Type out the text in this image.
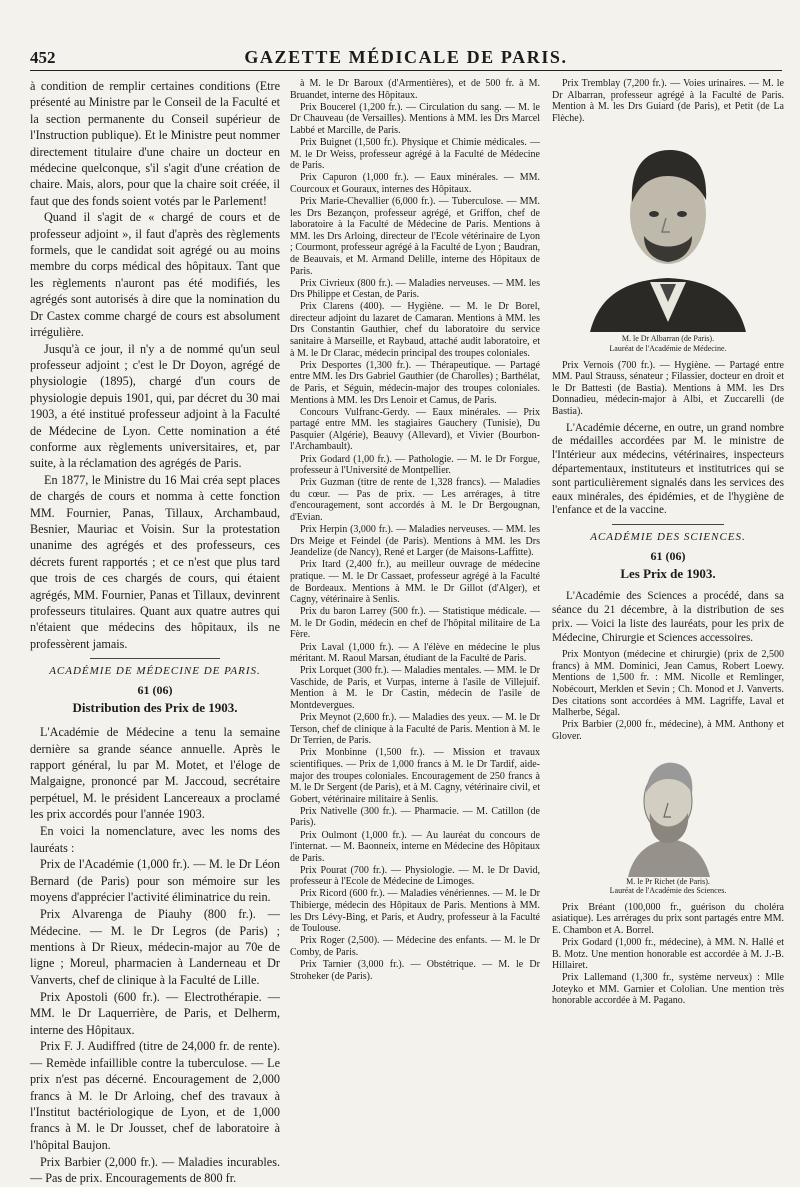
452	GAZETTE MÉDICALE DE PARIS.

à condition de remplir certaines conditions (Etre présenté au Ministre par le Conseil de la Faculté et la section permanente du Conseil supérieur de l'Instruction publique). Et le Ministre peut nommer directement titulaire d'une chaire un docteur en médecine quelconque, s'il s'agit d'une création de chaire. Mais, alors, pour que la chaire soit créée, il faut que des fonds soient votés par le Parlement!

Quand il s'agit de « chargé de cours et de professeur adjoint », il faut d'après des règlements formels, que le candidat soit agrégé ou au moins membre du corps médical des hôpitaux. Tant que les règlements n'auront pas été modifiés, les agrégés sont autorisés à dire que la nomination du Dr Castex comme chargé de cours est absolument irrégulière.

Jusqu'à ce jour, il n'y a de nommé qu'un seul professeur adjoint ; c'est le Dr Doyon, agrégé de physiologie (1895), chargé d'un cours de physiologie depuis 1901, qui, par décret du 30 mai 1903, a été institué professeur adjoint à la Faculté de Médecine de Lyon. Cette nomination a été conforme aux règlements universitaires, et, par suite, à la réclamation des agrégés de Paris.

En 1877, le Ministre du 16 Mai créa sept places de chargés de cours et nomma à cette fonction MM. Fournier, Panas, Tillaux, Archambaud, Besnier, Mauriac et Voisin. Sur la protestation unanime des agrégés et des professeurs, ces décrets furent rapportés ; et ce n'est que plus tard que trois de ces chargés de cours, qui étaient agrégés, MM. Fournier, Panas et Tillaux, devinrent professeurs titulaires. Quant aux quatre autres qui n'étaient que médecins des hôpitaux, ils ne professèrent jamais.

ACADÉMIE DE MÉDECINE DE PARIS.
61 (06)
Distribution des Prix de 1903.

L'Académie de Médecine a tenu la semaine dernière sa grande séance annuelle. Après le rapport général, lu par M. Motet, et l'éloge de Malgaigne, prononcé par M. Jaccoud, secrétaire perpétuel, M. le président Lancereaux a proclamé les prix accordés pour l'année 1903.

En voici la nomenclature, avec les noms des lauréats :

Prix de l'Académie (1,000 fr.). — M. le Dr Léon Bernard (de Paris) pour son mémoire sur les moyens d'apprécier l'activité éliminatrice du rein.

Prix Alvarenga de Piauhy (800 fr.). — Médecine. — M. le Dr Legros (de Paris) ; mentions à Dr Rieux, médecin-major au 70e de ligne ; Moreul, pharmacien à Landerneau et Dr Vanverts, chef de clinique à la Faculté de Lille.

Prix Apostoli (600 fr.). — Electrothérapie. — MM. le Dr Laquerrière, de Paris, et Delherm, interne des Hôpitaux.

Prix F. J. Audiffred (titre de 24,000 fr. de rente). — Remède infaillible contre la tuberculose. — Le prix n'est pas décerné. Encouragement de 2,000 francs à M. le Dr Arloing, chef des travaux à l'Institut bactériologique de Lyon, et de 1,000 francs à M. le Dr Jousset, chef de laboratoire à l'hôpital Baujon.

Prix Barbier (2,000 fr.). — Maladies incurables. — Pas de prix. Encouragements de 800 fr.

à M. le Dr Baroux (d'Armentières), et de 500 fr. à M. Bruandet, interne des Hôpitaux.

Prix Boucerel (1,200 fr.). — Circulation du sang. — M. le Dr Chauveau (de Versailles). Mentions à MM. les Drs Marcel Labbé et Marcille, de Paris.

Prix Buignet (1,500 fr.). Physique et Chimie médicales. — M. le Dr Weiss, professeur agrégé à la Faculté de Médecine de Paris.

Prix Capuron (1,000 fr.). — Eaux minérales. — MM. Courcoux et Gouraux, internes des Hôpitaux.

Prix Marie-Chevallier (6,000 fr.). — Tuberculose. — MM. les Drs Bezançon, professeur agrégé, et Griffon, chef de laboratoire à la Faculté de Médecine de Paris. Mentions à MM. les Drs Arloing, directeur de l'Ecole vétérinaire de Lyon ; Courmont, professeur agrégé à la Faculté de Lyon ; Baudran, de Beauvais, et M. Armand Delille, interne des Hôpitaux de Paris.

Prix Civrieux (800 fr.). — Maladies nerveuses. — MM. les Drs Philippe et Cestan, de Paris.

Prix Clarens (400). — Hygiène. — M. le Dr Borel, directeur adjoint du lazaret de Camaran. Mentions à MM. les Drs Constantin Gauthier, chef du laboratoire du service sanitaire à Marseille, et Raybaud, attaché audit laboratoire, et à M. le Dr Clarac, médecin principal des troupes coloniales.

Prix Desportes (1,300 fr.). — Thérapeutique. — Partagé entre MM. les Drs Gabriel Gauthier (de Charolles) ; Barthélat, de Paris, et Séguin, médecin-major des troupes coloniales. Mentions à MM. les Drs Lenoir et Camus, de Paris.

Concours Vulfranc-Gerdy. — Eaux minérales. — Prix partagé entre MM. les stagiaires Gauchery (Tunisie), Du Pasquier (Algérie), Beauvy (Allevard), et Vivier (Bourbon-l'Archambault).

Prix Godard (1,00 fr.). — Pathologie. — M. le Dr Forgue, professeur à l'Université de Montpellier.

Prix Guzman (titre de rente de 1,328 francs). — Maladies du cœur. — Pas de prix. — Les arrérages, à titre d'encouragement, sont accordés à M. le Dr Bergougnan, d'Evian.

Prix Herpin (3,000 fr.). — Maladies nerveuses. — MM. les Drs Meige et Feindel (de Paris). Mentions à MM. les Drs Jeandelize (de Nancy), René et Larger (de Maisons-Laffitte).

Prix Itard (2,400 fr.), au meilleur ouvrage de médecine pratique. — M. le Dr Cassaet, professeur agrégé à la Faculté de Bordeaux. Mentions à MM. le Dr Gillot (d'Alger), et Cagny, vétérinaire à Senlis.

Prix du baron Larrey (500 fr.). — Statistique médicale. — M. le Dr Godin, médecin en chef de l'hôpital militaire de La Fère.

Prix Laval (1,000 fr.). — A l'élève en médecine le plus méritant. M. Raoul Marsan, étudiant de la Faculté de Paris.

Prix Lorquet (300 fr.). — Maladies mentales. — MM. le Dr Vaschide, de Paris, et Vurpas, interne à l'asile de Villejuif. Mention à M. le Dr Castin, médecin de l'asile de Montdevergues.

Prix Meynot (2,600 fr.). — Maladies des yeux. — M. le Dr Terson, chef de clinique à la Faculté de Paris. Mention à M. le Dr Terrien, de Paris.

Prix Monbinne (1,500 fr.). — Mission et travaux scientifiques. — Prix de 1,000 francs à M. le Dr Tardif, aide-major des troupes coloniales. Encouragement de 250 francs à M. le Dr Sergent (de Paris), et à M. Cagny, vétérinaire civil, et Gobert, vétérinaire militaire à Senlis.

Prix Nativelle (300 fr.). — Pharmacie. — M. Catillon (de Paris).

Prix Oulmont (1,000 fr.). — Au lauréat du concours de l'internat. — M. Baonneix, interne en Médecine des Hôpitaux de Paris.

Prix Pourat (700 fr.). — Physiologie. — M. le Dr David, professeur à l'Ecole de Médecine de Limoges.

Prix Ricord (600 fr.). — Maladies vénériennes. — M. le Dr Thibierge, médecin des Hôpitaux de Paris. Mentions à MM. les Drs Lévy-Bing, et Paris, et Audry, professeur à la Faculté de Toulouse.

Prix Roger (2,500). — Médecine des enfants. — M. le Dr Comby, de Paris.

Prix Tarnier (3,000 fr.). — Obstétrique. — M. le Dr Stroheker (de Paris).

Prix Tremblay (7,200 fr.). — Voies urinaires. — M. le Dr Albarran, professeur agrégé à la Faculté de Paris. Mention à M. les Drs Guiard (de Paris), et Petit (de La Flèche).

M. le Dr Albarran (de Paris).
Lauréat de l'Académie de Médecine.

Prix Vernois (700 fr.). — Hygiène. — Partagé entre MM. Paul Strauss, sénateur ; Filassier, docteur en droit et le Dr Battesti (de Bastia). Mentions à MM. les Drs Donnadieu, médecin-major à Albi, et Zuccarelli (de Bastia).

L'Académie décerne, en outre, un grand nombre de médailles accordées par M. le ministre de l'Intérieur aux médecins, vétérinaires, inspecteurs départementaux, instituteurs et institutrices qui se sont particulièrement signalés dans les services des eaux minérales, des épidémies, et de l'hygiène de l'enfance et de la vaccine.

ACADÉMIE DES SCIENCES.
61 (06)
Les Prix de 1903.

L'Académie des Sciences a procédé, dans sa séance du 21 décembre, à la distribution de ses prix. — Voici la liste des lauréats, pour les prix de Médecine, Chirurgie et Sciences accessoires.

Prix Montyon (médecine et chirurgie) (prix de 2,500 francs) à MM. Dominici, Jean Camus, Robert Loewy. Mentions de 1,500 fr. : MM. Nicolle et Remlinger, Nobécourt, Merklen et Sevin ; Ch. Monod et J. Vanverts. Des citations sont accordées à MM. Lagriffe, Laval et Malherbe, Ségal.

Prix Barbier (2,000 fr., médecine), à MM. Anthony et Glover.

M. le Pr Richet (de Paris).
Lauréat de l'Académie des Sciences.

Prix Bréant (100,000 fr., guérison du choléra asiatique). Les arrérages du prix sont partagés entre MM. E. Chambon et A. Borrel.

Prix Godard (1,000 fr., médecine), à MM. N. Hallé et B. Motz. Une mention honorable est accordée à M. J.-B. Hillairet.

Prix Lallemand (1,300 fr., système nerveux) : Mlle Joteyko et MM. Garnier et Cololian. Une mention très honorable accordée à M. Pagano.
